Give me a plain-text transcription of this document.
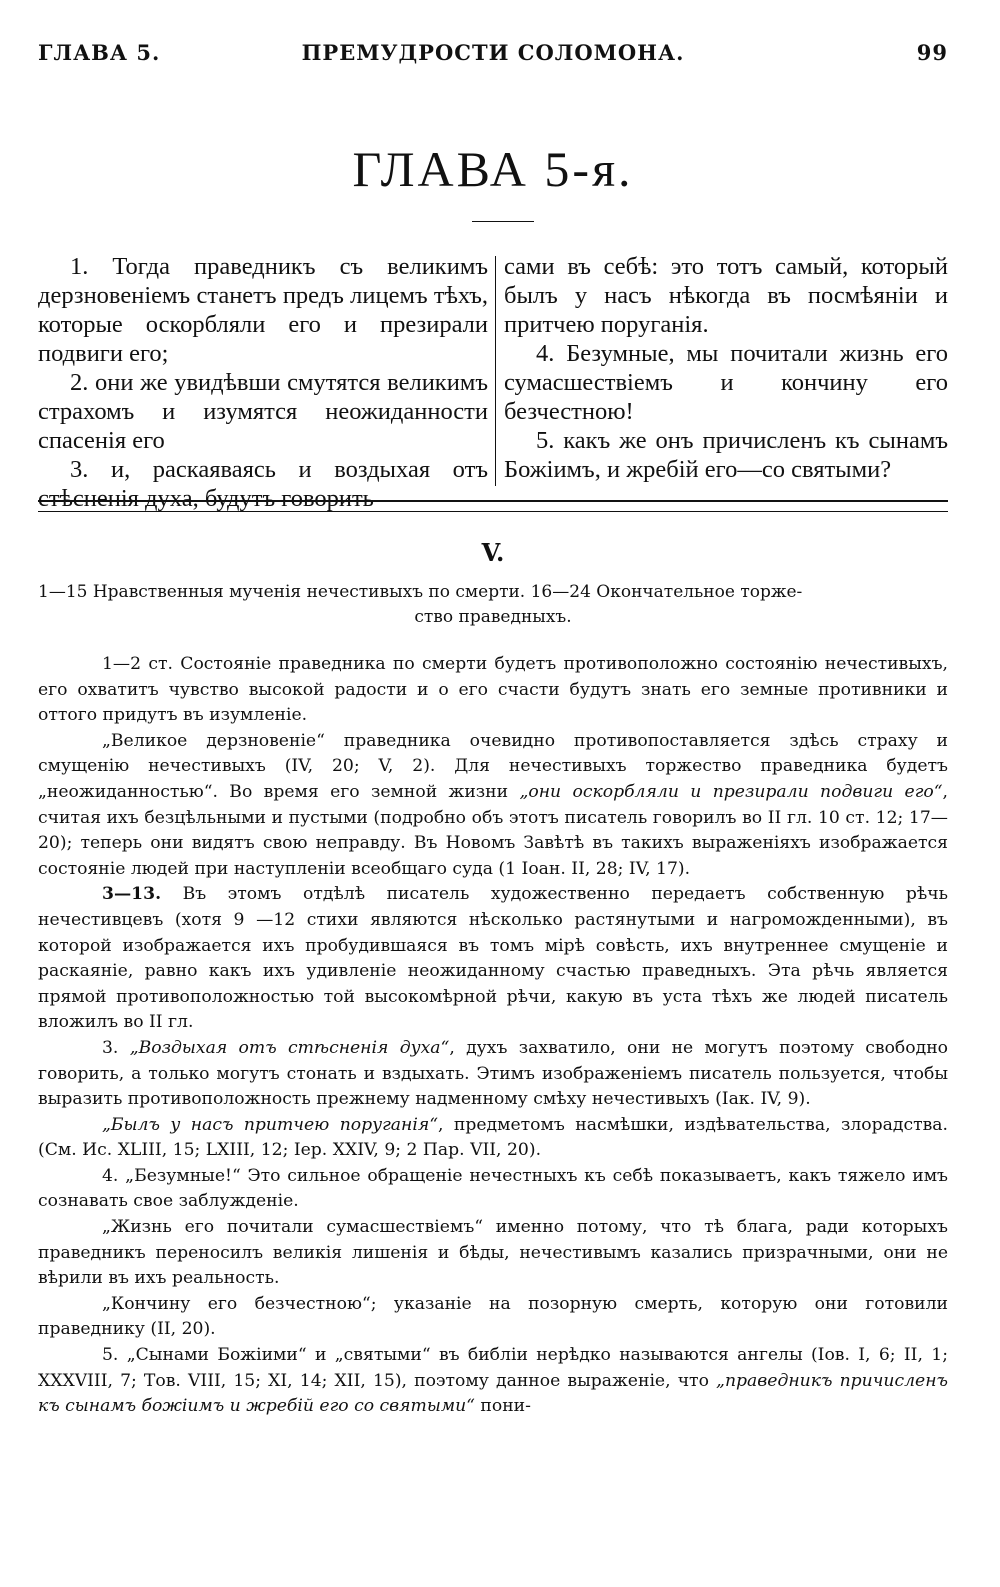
ГЛАВА 5.	ПРЕМУДРОСТИ СОЛОМОНА.	99
ГЛАВА 5-я.

1. Тогда праведникъ съ великимъ дерзновеніемъ станетъ предъ лицемъ тѣхъ, которые оскорбляли его и презирали подвиги его;

2. они же увидѣвши смутятся великимъ страхомъ и изумятся неожиданности спасенія его

3. и, раскаяваясь и воздыхая отъ стѣсненія духа, будутъ говорить

сами въ себѣ: это тотъ самый, который былъ у насъ нѣкогда въ посмѣяніи и притчею поруганія.

4. Безумные, мы почитали жизнь его сумасшествіемъ и кончину его безчестною!

5. какъ же онъ причисленъ къ сынамъ Божіимъ, и жребій его—со святыми?

V.
1—15 Нравственныя мученія нечестивыхъ по смерти. 16—24 Окончательное торже-
ство праведныхъ.

1—2 ст. Состояніе праведника по смерти будетъ противоположно состоянію нечестивыхъ, его охватитъ чувство высокой радости и о его счасти будутъ знать его земные противники и оттого придутъ въ изумленіе.

„Великое дерзновеніе“ праведника очевидно противопоставляется здѣсь страху и смущенію нечестивыхъ (IV, 20; V, 2). Для нечестивыхъ торжество праведника будетъ „неожиданностью“. Во время его земной жизни „они оскорбляли и презирали подвиги его“, считая ихъ безцѣльными и пустыми (подробно объ этотъ писатель говорилъ во II гл. 10 ст. 12; 17—20); теперь они видятъ свою неправду. Въ Новомъ Завѣтѣ въ такихъ выраженіяхъ изображается состояніе людей при наступленіи всеобщаго суда (1 Іоан. II, 28; IV, 17).

3—13. Въ этомъ отдѣлѣ писатель художественно передаетъ собственную рѣчь нечестивцевъ (хотя 9 —12 стихи являются нѣсколько растянутыми и нагроможденными), въ которой изображается ихъ пробудившаяся въ томъ мірѣ совѣсть, ихъ внутреннее смущеніе и раскаяніе, равно какъ ихъ удивленіе неожиданному счастью праведныхъ. Эта рѣчь является прямой противоположностью той высокомѣрной рѣчи, какую въ уста тѣхъ же людей писатель вложилъ во II гл.

3. „Воздыхая отъ стѣсненія духа“, духъ захватило, они не могутъ поэтому свободно говорить, а только могутъ стонать и вздыхать. Этимъ изображеніемъ писатель пользуется, чтобы выразить противоположность прежнему надменному смѣху нечестивыхъ (Іак. IV, 9).

„Былъ у насъ притчею поруганія“, предметомъ насмѣшки, издѣвательства, злорадства. (См. Ис. XLIII, 15; LXIII, 12; Іер. XXIV, 9; 2 Пар. VII, 20).

4. „Безумные!“ Это сильное обращеніе нечестныхъ къ себѣ показываетъ, какъ тяжело имъ сознавать свое заблужденіе.

„Жизнь его почитали сумасшествіемъ“ именно потому, что тѣ блага, ради которыхъ праведникъ переносилъ великія лишенія и бѣды, нечестивымъ казались призрачными, они не вѣрили въ ихъ реальность.

„Кончину его безчестною“; указаніе на позорную смерть, которую они готовили праведнику (II, 20).

5. „Сынами Божіими“ и „святыми“ въ библіи нерѣдко называются ангелы (Іов. I, 6; II, 1; XXXVIII, 7; Тов. VIII, 15; XI, 14; XII, 15), поэтому данное выраженіе, что „праведникъ причисленъ къ сынамъ божіимъ и жребій его со святыми“ пони-
